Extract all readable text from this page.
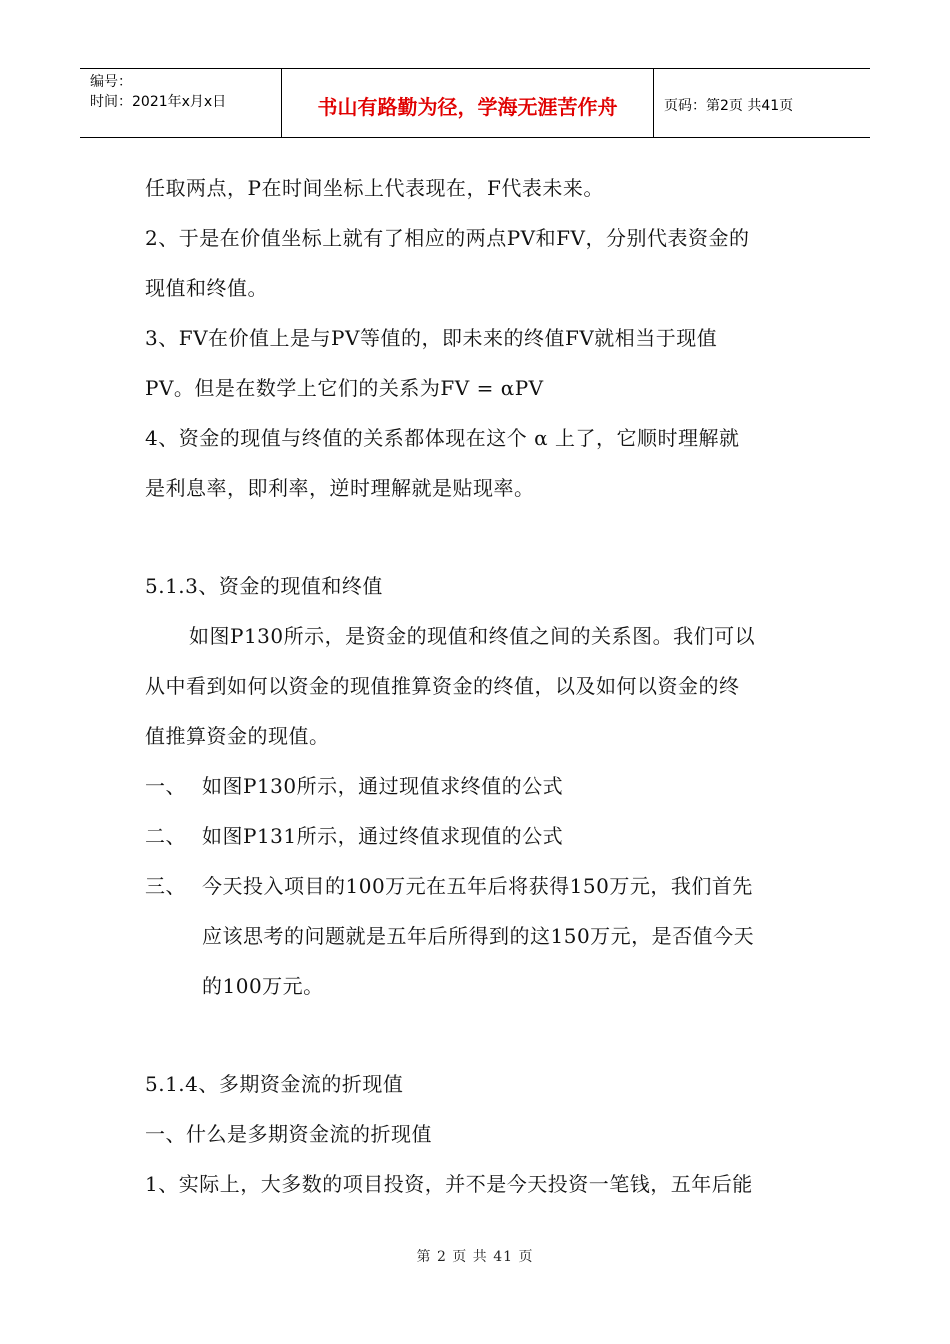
编号：
时间：2021年x月x日	书山有路勤为径，学海无涯苦作舟	页码：第2页 共41页
任取两点，P在时间坐标上代表现在，F代表未来。
2、于是在价值坐标上就有了相应的两点PV和FV，分别代表资金的
现值和终值。
3、FV在价值上是与PV等值的，即未来的终值FV就相当于现值
PV。但是在数学上它们的关系为FV = αPV
4、资金的现值与终值的关系都体现在这个 α 上了，它顺时理解就
是利息率，即利率，逆时理解就是贴现率。
5.1.3、资金的现值和终值
如图P130所示，是资金的现值和终值之间的关系图。我们可以
从中看到如何以资金的现值推算资金的终值，以及如何以资金的终
值推算资金的现值。
一、 如图P130所示，通过现值求终值的公式
二、 如图P131所示，通过终值求现值的公式
三、 今天投入项目的100万元在五年后将获得150万元，我们首先
应该思考的问题就是五年后所得到的这150万元，是否值今天
的100万元。
5.1.4、多期资金流的折现值
一、什么是多期资金流的折现值
1、实际上，大多数的项目投资，并不是今天投资一笔钱，五年后能
第 2 页 共 41 页
